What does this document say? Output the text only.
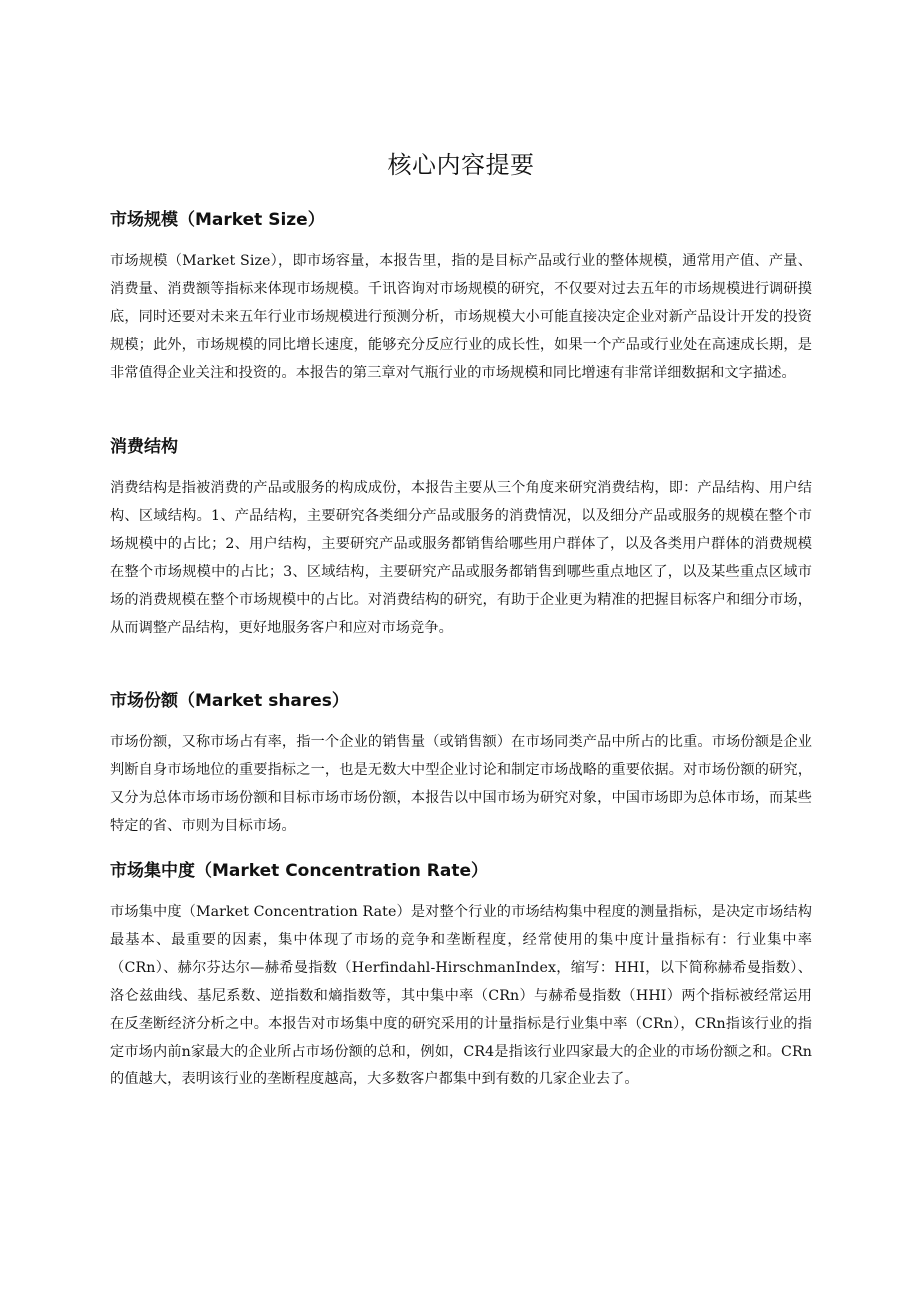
核心内容提要
市场规模（Market Size）

市场规模（Market Size），即市场容量，本报告里，指的是目标产品或行业的整体规模，通常用产值、产量、消费量、消费额等指标来体现市场规模。千讯咨询对市场规模的研究，不仅要对过去五年的市场规模进行调研摸底，同时还要对未来五年行业市场规模进行预测分析，市场规模大小可能直接决定企业对新产品设计开发的投资规模；此外，市场规模的同比增长速度，能够充分反应行业的成长性，如果一个产品或行业处在高速成长期，是非常值得企业关注和投资的。本报告的第三章对气瓶行业的市场规模和同比增速有非常详细数据和文字描述。

消费结构

消费结构是指被消费的产品或服务的构成成份，本报告主要从三个角度来研究消费结构，即：产品结构、用户结构、区域结构。1、产品结构，主要研究各类细分产品或服务的消费情况，以及细分产品或服务的规模在整个市场规模中的占比；2、用户结构，主要研究产品或服务都销售给哪些用户群体了，以及各类用户群体的消费规模在整个市场规模中的占比；3、区域结构，主要研究产品或服务都销售到哪些重点地区了，以及某些重点区域市场的消费规模在整个市场规模中的占比。对消费结构的研究，有助于企业更为精准的把握目标客户和细分市场，从而调整产品结构，更好地服务客户和应对市场竞争。

市场份额（Market shares）

市场份额，又称市场占有率，指一个企业的销售量（或销售额）在市场同类产品中所占的比重。市场份额是企业判断自身市场地位的重要指标之一，也是无数大中型企业讨论和制定市场战略的重要依据。对市场份额的研究，又分为总体市场市场份额和目标市场市场份额，本报告以中国市场为研究对象，中国市场即为总体市场，而某些特定的省、市则为目标市场。

市场集中度（Market Concentration Rate）

市场集中度（Market Concentration Rate）是对整个行业的市场结构集中程度的测量指标，是决定市场结构最基本、最重要的因素，集中体现了市场的竞争和垄断程度，经常使用的集中度计量指标有：行业集中率（CRn）、赫尔芬达尔—赫希曼指数（Herfindahl-HirschmanIndex，缩写：HHI，以下简称赫希曼指数）、洛仑兹曲线、基尼系数、逆指数和熵指数等，其中集中率（CRn）与赫希曼指数（HHI）两个指标被经常运用在反垄断经济分析之中。本报告对市场集中度的研究采用的计量指标是行业集中率（CRn），CRn指该行业的指定市场内前n家最大的企业所占市场份额的总和，例如，CR4是指该行业四家最大的企业的市场份额之和。CRn的值越大，表明该行业的垄断程度越高，大多数客户都集中到有数的几家企业去了。
